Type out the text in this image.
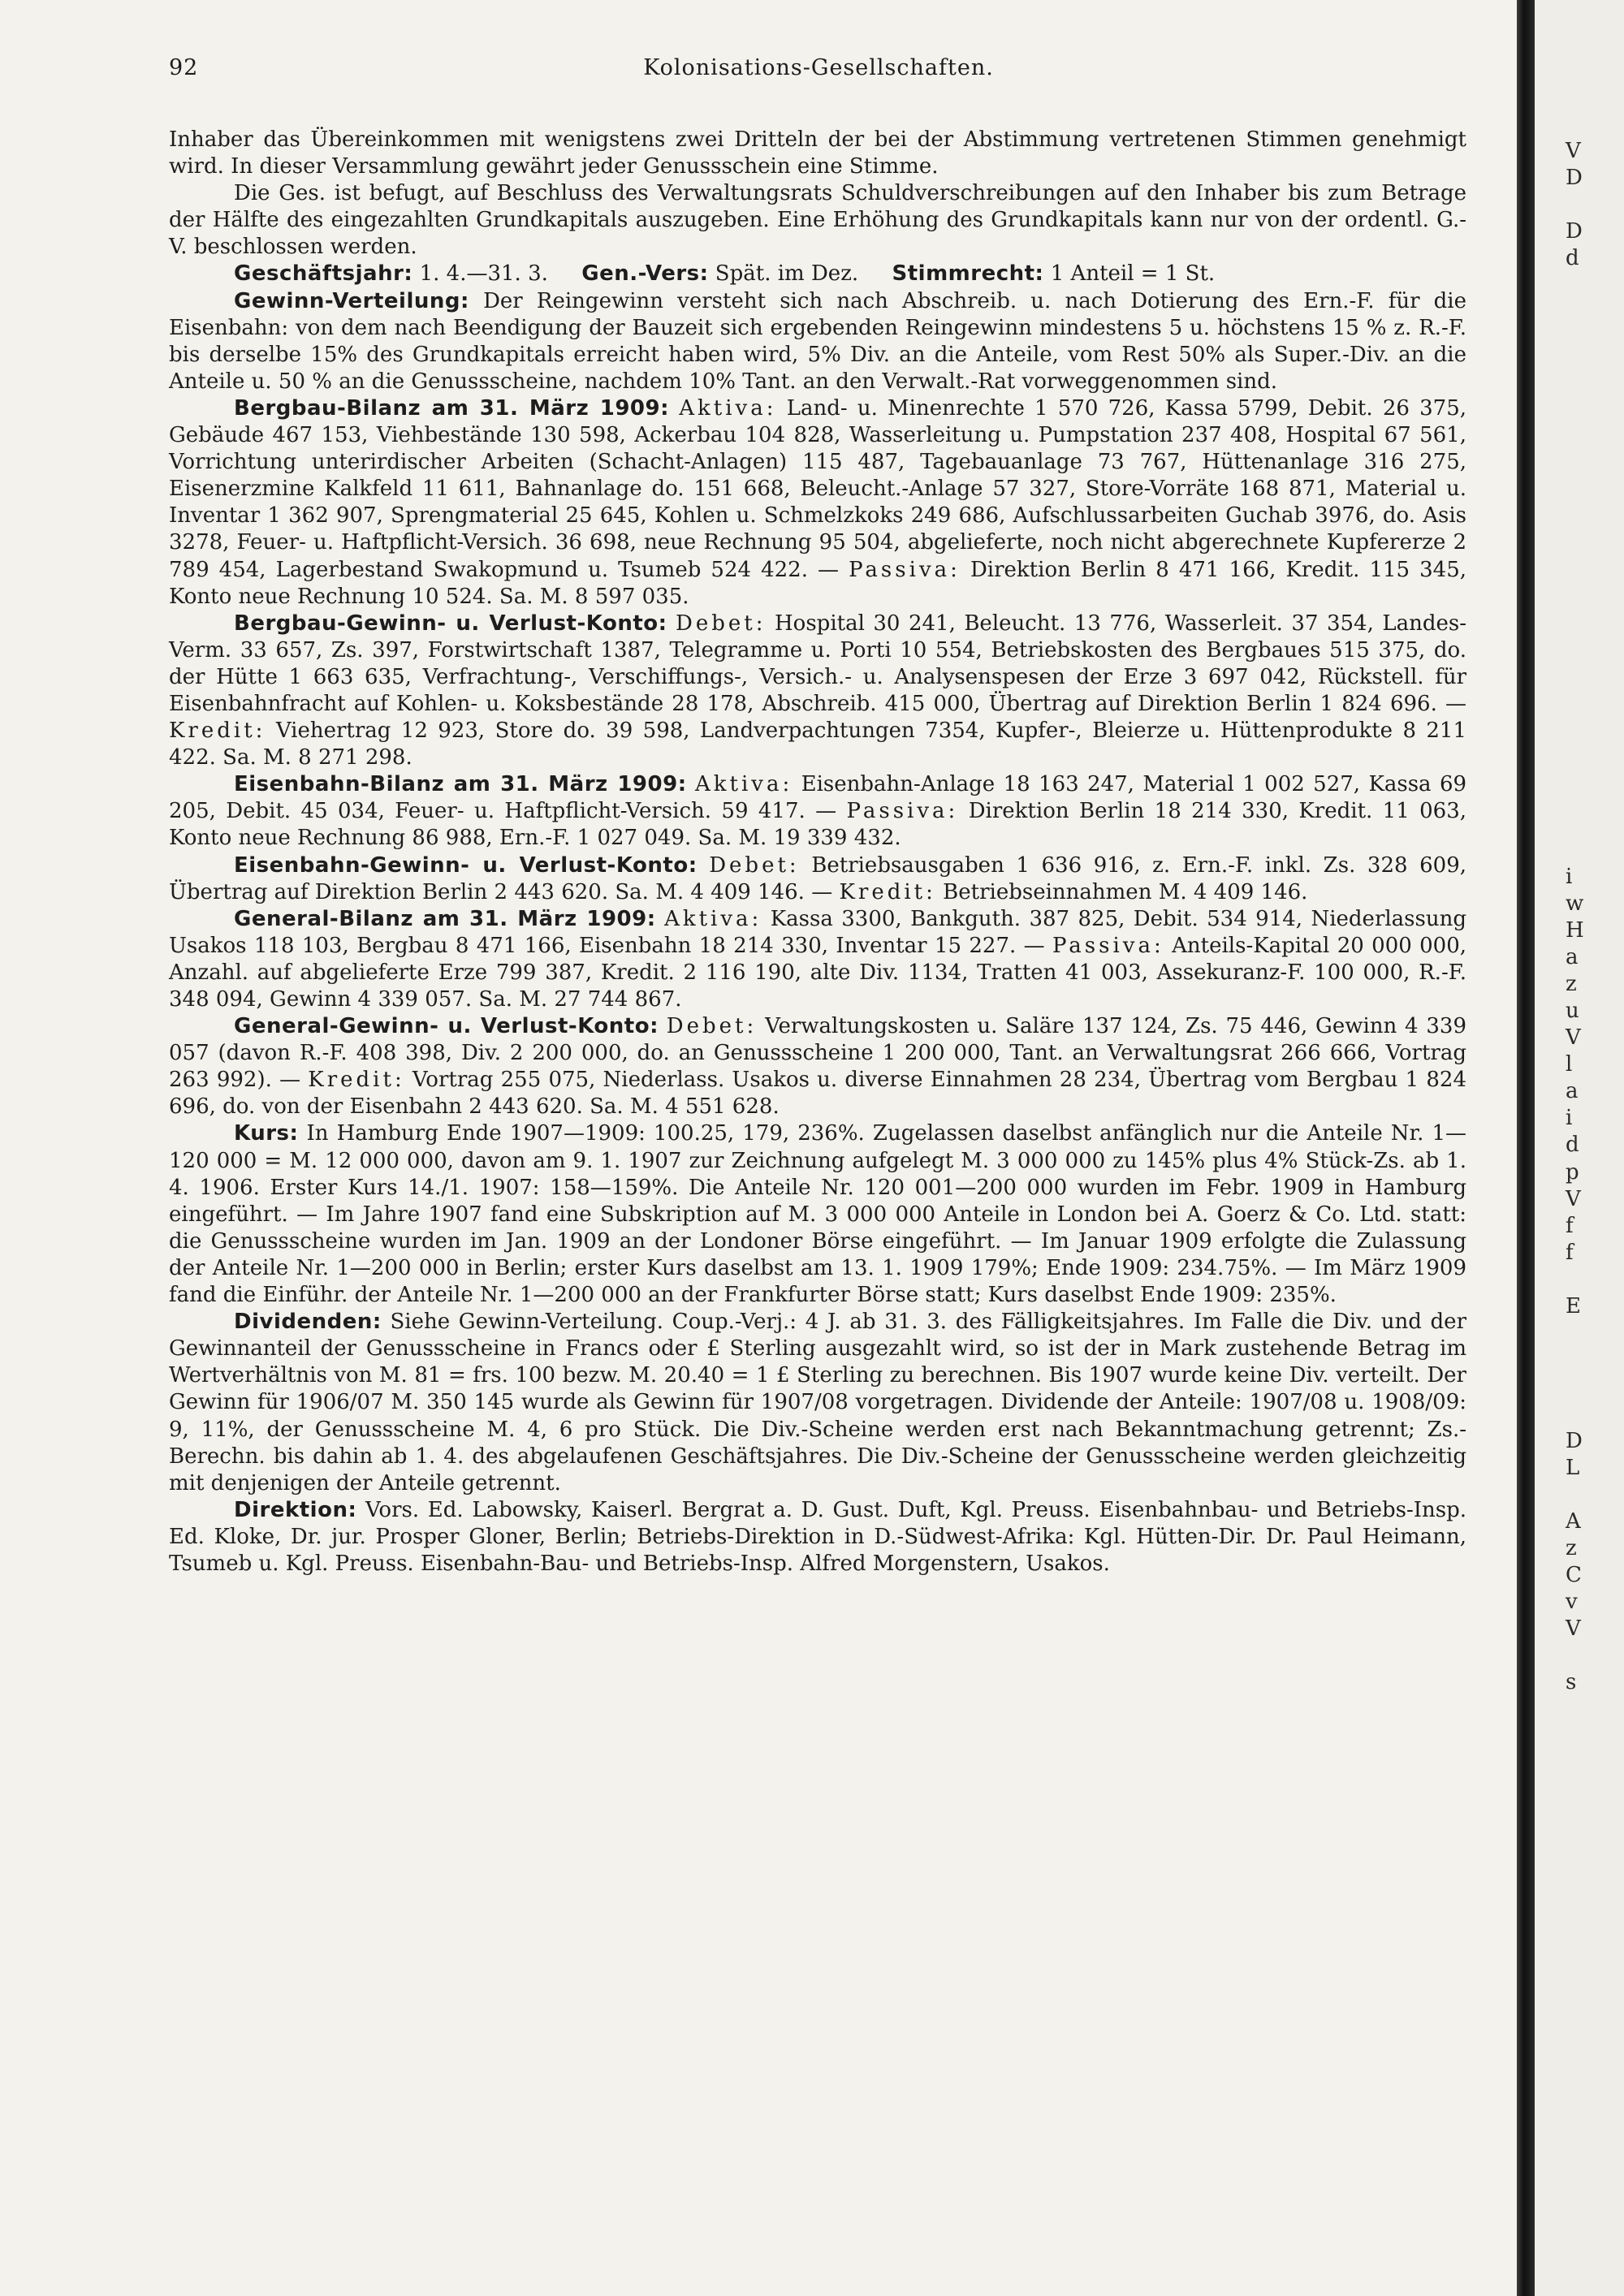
92	Kolonisations-Gesellschaften.

Inhaber das Übereinkommen mit wenigstens zwei Dritteln der bei der Abstimmung vertretenen Stimmen genehmigt wird. In dieser Versammlung gewährt jeder Genussschein eine Stimme.

Die Ges. ist befugt, auf Beschluss des Verwaltungsrats Schuldverschreibungen auf den Inhaber bis zum Betrage der Hälfte des eingezahlten Grundkapitals auszugeben. Eine Erhöhung des Grundkapitals kann nur von der ordentl. G.-V. beschlossen werden.

Geschäftsjahr: 1. 4.—31. 3. Gen.-Vers: Spät. im Dez. Stimmrecht: 1 Anteil = 1 St.

Gewinn-Verteilung: Der Reingewinn versteht sich nach Abschreib. u. nach Dotierung des Ern.-F. für die Eisenbahn: von dem nach Beendigung der Bauzeit sich ergebenden Reingewinn mindestens 5 u. höchstens 15 % z. R.-F. bis derselbe 15% des Grundkapitals erreicht haben wird, 5% Div. an die Anteile, vom Rest 50% als Super.-Div. an die Anteile u. 50 % an die Genussscheine, nachdem 10% Tant. an den Verwalt.-Rat vorweggenommen sind.

Bergbau-Bilanz am 31. März 1909: Aktiva: Land- u. Minenrechte 1 570 726, Kassa 5799, Debit. 26 375, Gebäude 467 153, Viehbestände 130 598, Ackerbau 104 828, Wasserleitung u. Pumpstation 237 408, Hospital 67 561, Vorrichtung unterirdischer Arbeiten (Schacht-Anlagen) 115 487, Tagebauanlage 73 767, Hüttenanlage 316 275, Eisenerzmine Kalkfeld 11 611, Bahnanlage do. 151 668, Beleucht.-Anlage 57 327, Store-Vorräte 168 871, Material u. Inventar 1 362 907, Sprengmaterial 25 645, Kohlen u. Schmelzkoks 249 686, Aufschlussarbeiten Guchab 3976, do. Asis 3278, Feuer- u. Haftpflicht-Versich. 36 698, neue Rechnung 95 504, abgelieferte, noch nicht abgerechnete Kupfererze 2 789 454, Lagerbestand Swakopmund u. Tsumeb 524 422. — Passiva: Direktion Berlin 8 471 166, Kredit. 115 345, Konto neue Rechnung 10 524. Sa. M. 8 597 035.

Bergbau-Gewinn- u. Verlust-Konto: Debet: Hospital 30 241, Beleucht. 13 776, Wasserleit. 37 354, Landes-Verm. 33 657, Zs. 397, Forstwirtschaft 1387, Telegramme u. Porti 10 554, Betriebskosten des Bergbaues 515 375, do. der Hütte 1 663 635, Verfrachtung-, Verschiffungs-, Versich.- u. Analysenspesen der Erze 3 697 042, Rückstell. für Eisenbahnfracht auf Kohlen- u. Koksbestände 28 178, Abschreib. 415 000, Übertrag auf Direktion Berlin 1 824 696. — Kredit: Viehertrag 12 923, Store do. 39 598, Landverpachtungen 7354, Kupfer-, Bleierze u. Hüttenprodukte 8 211 422. Sa. M. 8 271 298.

Eisenbahn-Bilanz am 31. März 1909: Aktiva: Eisenbahn-Anlage 18 163 247, Material 1 002 527, Kassa 69 205, Debit. 45 034, Feuer- u. Haftpflicht-Versich. 59 417. — Passiva: Direktion Berlin 18 214 330, Kredit. 11 063, Konto neue Rechnung 86 988, Ern.-F. 1 027 049. Sa. M. 19 339 432.

Eisenbahn-Gewinn- u. Verlust-Konto: Debet: Betriebsausgaben 1 636 916, z. Ern.-F. inkl. Zs. 328 609, Übertrag auf Direktion Berlin 2 443 620. Sa. M. 4 409 146. — Kredit: Betriebseinnahmen M. 4 409 146.

General-Bilanz am 31. März 1909: Aktiva: Kassa 3300, Bankguth. 387 825, Debit. 534 914, Niederlassung Usakos 118 103, Bergbau 8 471 166, Eisenbahn 18 214 330, Inventar 15 227. — Passiva: Anteils-Kapital 20 000 000, Anzahl. auf abgelieferte Erze 799 387, Kredit. 2 116 190, alte Div. 1134, Tratten 41 003, Assekuranz-F. 100 000, R.-F. 348 094, Gewinn 4 339 057. Sa. M. 27 744 867.

General-Gewinn- u. Verlust-Konto: Debet: Verwaltungskosten u. Saläre 137 124, Zs. 75 446, Gewinn 4 339 057 (davon R.-F. 408 398, Div. 2 200 000, do. an Genussscheine 1 200 000, Tant. an Verwaltungsrat 266 666, Vortrag 263 992). — Kredit: Vortrag 255 075, Niederlass. Usakos u. diverse Einnahmen 28 234, Übertrag vom Bergbau 1 824 696, do. von der Eisenbahn 2 443 620. Sa. M. 4 551 628.

Kurs: In Hamburg Ende 1907—1909: 100.25, 179, 236%. Zugelassen daselbst anfänglich nur die Anteile Nr. 1—120 000 = M. 12 000 000, davon am 9. 1. 1907 zur Zeichnung aufgelegt M. 3 000 000 zu 145% plus 4% Stück-Zs. ab 1. 4. 1906. Erster Kurs 14./1. 1907: 158—159%. Die Anteile Nr. 120 001—200 000 wurden im Febr. 1909 in Hamburg eingeführt. — Im Jahre 1907 fand eine Subskription auf M. 3 000 000 Anteile in London bei A. Goerz & Co. Ltd. statt: die Genussscheine wurden im Jan. 1909 an der Londoner Börse eingeführt. — Im Januar 1909 erfolgte die Zulassung der Anteile Nr. 1—200 000 in Berlin; erster Kurs daselbst am 13. 1. 1909 179%; Ende 1909: 234.75%. — Im März 1909 fand die Einführ. der Anteile Nr. 1—200 000 an der Frankfurter Börse statt; Kurs daselbst Ende 1909: 235%.

Dividenden: Siehe Gewinn-Verteilung. Coup.-Verj.: 4 J. ab 31. 3. des Fälligkeitsjahres. Im Falle die Div. und der Gewinnanteil der Genussscheine in Francs oder £ Sterling ausgezahlt wird, so ist der in Mark zustehende Betrag im Wertverhältnis von M. 81 = frs. 100 bezw. M. 20.40 = 1 £ Sterling zu berechnen. Bis 1907 wurde keine Div. verteilt. Der Gewinn für 1906/07 M. 350 145 wurde als Gewinn für 1907/08 vorgetragen. Dividende der Anteile: 1907/08 u. 1908/09: 9, 11%, der Genussscheine M. 4, 6 pro Stück. Die Div.-Scheine werden erst nach Bekanntmachung getrennt; Zs.-Berechn. bis dahin ab 1. 4. des abgelaufenen Geschäftsjahres. Die Div.-Scheine der Genussscheine werden gleichzeitig mit denjenigen der Anteile getrennt.

Direktion: Vors. Ed. Labowsky, Kaiserl. Bergrat a. D. Gust. Duft, Kgl. Preuss. Eisenbahnbau- und Betriebs-Insp. Ed. Kloke, Dr. jur. Prosper Gloner, Berlin; Betriebs-Direktion in D.-Südwest-Afrika: Kgl. Hütten-Dir. Dr. Paul Heimann, Tsumeb u. Kgl. Preuss. Eisenbahn-Bau- und Betriebs-Insp. Alfred Morgenstern, Usakos.

V
D
D
d
i
w
H
a
z
u
V
l
a
i
d
p
V
f
f
E
D
L
A
z
C
v
V
s
